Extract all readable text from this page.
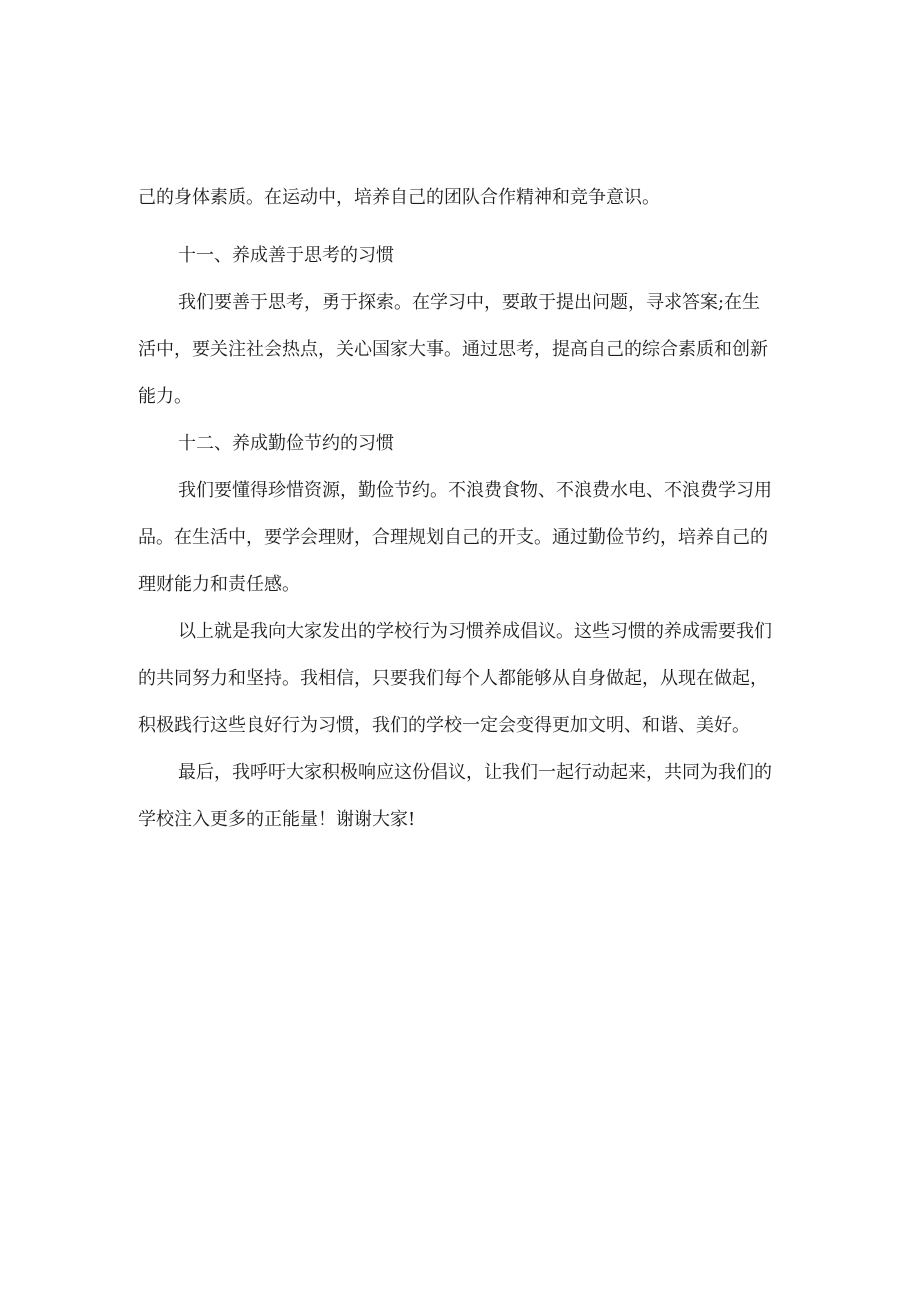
己的身体素质。在运动中，培养自己的团队合作精神和竞争意识。
十一、养成善于思考的习惯
我们要善于思考，勇于探索。在学习中，要敢于提出问题，寻求答案;在生
活中，要关注社会热点，关心国家大事。通过思考，提高自己的综合素质和创新
能力。
十二、养成勤俭节约的习惯
我们要懂得珍惜资源，勤俭节约。不浪费食物、不浪费水电、不浪费学习用
品。在生活中，要学会理财，合理规划自己的开支。通过勤俭节约，培养自己的
理财能力和责任感。
以上就是我向大家发出的学校行为习惯养成倡议。这些习惯的养成需要我们
的共同努力和坚持。我相信，只要我们每个人都能够从自身做起，从现在做起，
积极践行这些良好行为习惯，我们的学校一定会变得更加文明、和谐、美好。
最后，我呼吁大家积极响应这份倡议，让我们一起行动起来，共同为我们的
学校注入更多的正能量！谢谢大家!
